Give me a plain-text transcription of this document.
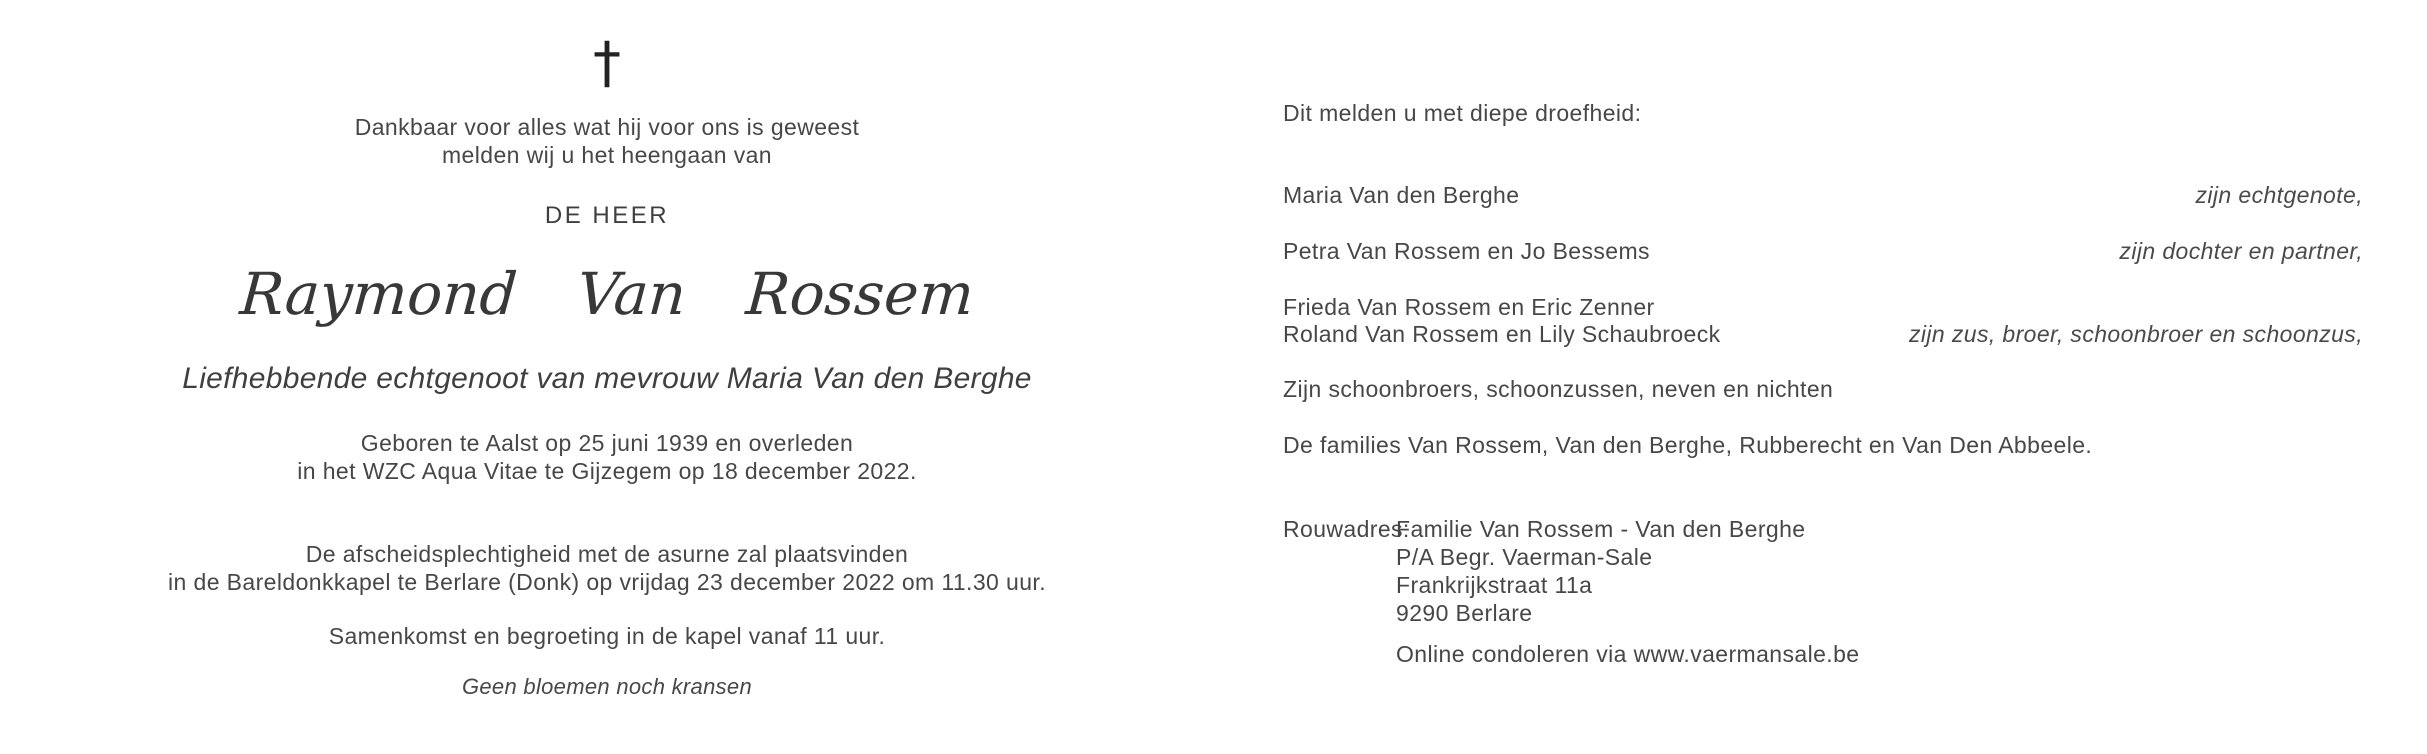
†
Dankbaar voor alles wat hij voor ons is geweest
melden wij u het heengaan van
DE HEER
Raymond Van Rossem
Liefhebbende echtgenoot van mevrouw Maria Van den Berghe
Geboren te Aalst op 25 juni 1939 en overleden
in het WZC Aqua Vitae te Gijzegem op 18 december 2022.
De afscheidsplechtigheid met de asurne zal plaatsvinden
in de Bareldonkkapel te Berlare (Donk) op vrijdag 23 december 2022 om 11.30 uur.
Samenkomst en begroeting in de kapel vanaf 11 uur.
Geen bloemen noch kransen
Dit melden u met diepe droefheid:
Maria Van den Berghe	zijn echtgenote,
Petra Van Rossem en Jo Bessems	zijn dochter en partner,
Frieda Van Rossem en Eric Zenner
Roland Van Rossem en Lily Schaubroeck	zijn zus, broer, schoonbroer en schoonzus,
Zijn schoonbroers, schoonzussen, neven en nichten
De families Van Rossem, Van den Berghe, Rubberecht en Van Den Abbeele.
Rouwadres:
Familie Van Rossem - Van den Berghe
P/A Begr. Vaerman-Sale
Frankrijkstraat 11a
9290 Berlare
Online condoleren via www.vaermansale.be
